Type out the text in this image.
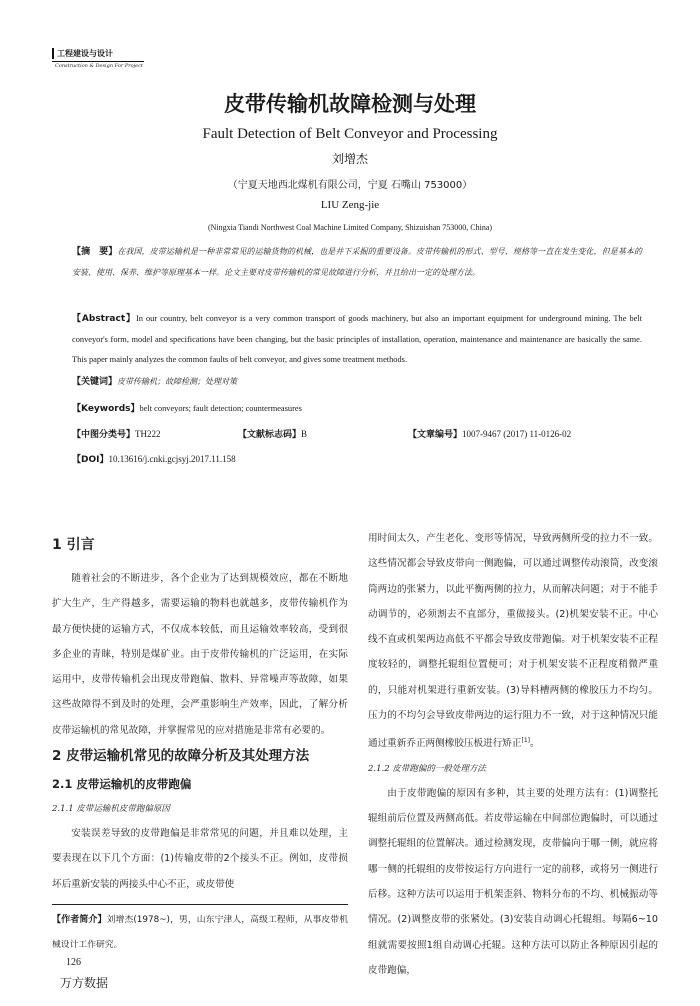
工程建设与设计
Construction & Design For Project
皮带传输机故障检测与处理
Fault Detection of Belt Conveyor and Processing
刘增杰
（宁夏天地西北煤机有限公司，宁夏 石嘴山 753000）
LIU Zeng-jie
(Ningxia Tiandi Northwest Coal Machine Limited Company, Shizuishan 753000, China)
【摘　要】在我国，皮带运输机是一种非常常见的运输货物的机械，也是井下采掘的重要设备。皮带传输机的形式、型号、规格等一直在发生变化，但是基本的安装、使用、保养、维护等原理基本一样。论文主要对皮带传输机的常见故障进行分析，并且给出一定的处理方法。
【Abstract】In our country, belt conveyor is a very common transport of goods machinery, but also an important equipment for underground mining. The belt conveyor's form, model and specifications have been changing, but the basic principles of installation, operation, maintenance and maintenance are basically the same. This paper mainly analyzes the common faults of belt conveyor, and gives some treatment methods.
【关键词】皮带传输机；故障检测；处理对策
【Keywords】belt conveyors; fault detection; countermeasures
【中图分类号】TH222	【文献标志码】B	【文章编号】1007-9467 (2017) 11-0126-02
【DOI】10.13616/j.cnki.gcjsyj.2017.11.158
1 引言

随着社会的不断进步，各个企业为了达到规模效应，都在不断地扩大生产，生产得越多，需要运输的物料也就越多，皮带传输机作为最方便快捷的运输方式，不仅成本较低，而且运输效率较高，受到很多企业的青睐，特别是煤矿业。由于皮带传输机的广泛运用，在实际运用中，皮带传输机会出现皮带跑偏、散料、异常噪声等故障，如果这些故障得不到及时的处理，会严重影响生产效率，因此，了解分析皮带运输机的常见故障，并掌握常见的应对措施是非常有必要的。

2 皮带运输机常见的故障分析及其处理方法
2.1 皮带运输机的皮带跑偏
2.1.1 皮带运输机皮带跑偏原因

安装误差导致的皮带跑偏是非常常见的问题，并且难以处理，主要表现在以下几个方面：(1)传输皮带的2个接头不正。例如，皮带损坏后重新安装的两接头中心不正，或皮带使

【作者简介】刘增杰(1978~)，男，山东宁津人，高级工程师，从事皮带机械设计工作研究。

用时间太久，产生老化、变形等情况，导致两侧所受的拉力不一致。这些情况都会导致皮带向一侧跑偏，可以通过调整传动滚筒，改变滚筒两边的张紧力，以此平衡两侧的拉力，从而解决问题；对于不能手动调节的，必须割去不直部分，重做接头。(2)机架安装不正。中心线不直或机架两边高低不平都会导致皮带跑偏。对于机架安装不正程度较轻的，调整托辊组位置便可；对于机架安装不正程度稍微严重的，只能对机架进行重新安装。(3)导料槽两侧的橡胶压力不均匀。压力的不均匀会导致皮带两边的运行阻力不一致，对于这种情况只能通过重新乔正两侧橡胶压板进行矫正[1]。

2.1.2 皮带跑偏的一般处理方法

由于皮带跑偏的原因有多种，其主要的处理方法有：(1)调整托辊组前后位置及两侧高低。若皮带运输在中间部位跑偏时，可以通过调整托辊组的位置解决。通过检测发现，皮带偏向于哪一侧，就应将哪一侧的托辊组的皮带按运行方向进行一定的前移，或将另一侧进行后移。这种方法可以运用于机架歪斜、物料分布的不均、机械振动等情况。(2)调整皮带的张紧处。(3)安装自动调心托辊组。每隔6~10组就需要按照1组自动调心托辊。这种方法可以防止各种原因引起的皮带跑偏，

126
万方数据
